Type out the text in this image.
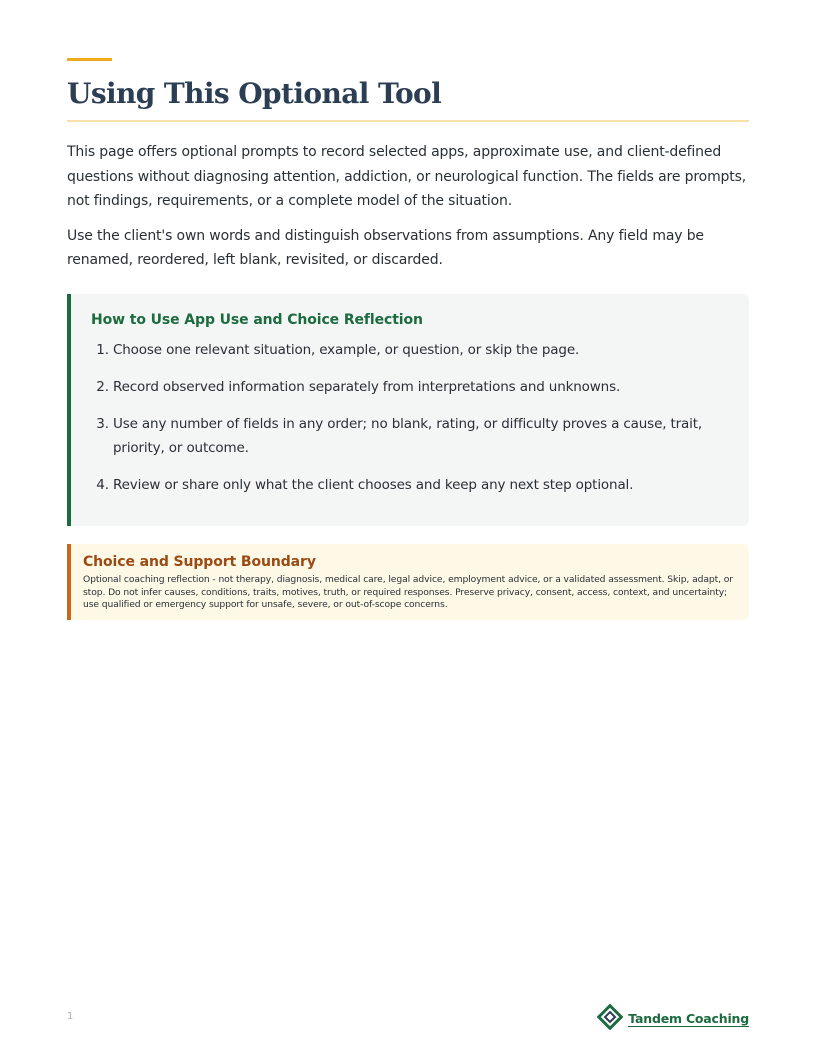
Using This Optional Tool

This page offers optional prompts to record selected apps, approximate use, and client-defined questions without diagnosing attention, addiction, or neurological function. The fields are prompts, not findings, requirements, or a complete model of the situation.

Use the client's own words and distinguish observations from assumptions. Any field may be renamed, reordered, left blank, revisited, or discarded.

How to Use App Use and Choice Reflection
1. Choose one relevant situation, example, or question, or skip the page.
2. Record observed information separately from interpretations and unknowns.
3. Use any number of fields in any order; no blank, rating, or difficulty proves a cause, trait, priority, or outcome.
4. Review or share only what the client chooses and keep any next step optional.
Choice and Support Boundary

Optional coaching reflection - not therapy, diagnosis, medical care, legal advice, employment advice, or a validated assessment. Skip, adapt, or stop. Do not infer causes, conditions, traits, motives, truth, or required responses. Preserve privacy, consent, access, context, and uncertainty; use qualified or emergency support for unsafe, severe, or out-of-scope concerns.

1	Tandem Coaching
